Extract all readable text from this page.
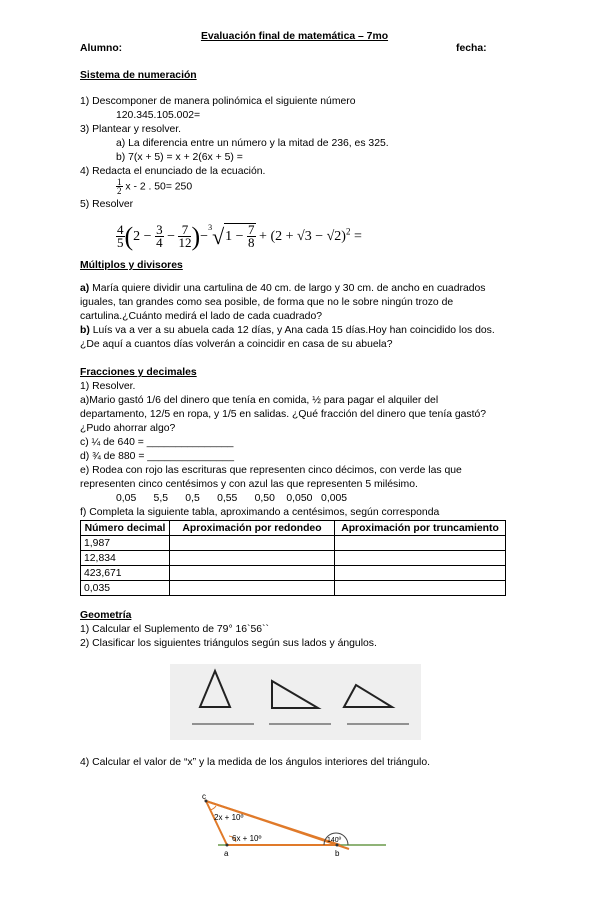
Evaluación final de matemática – 7mo
Alumno:	fecha:
Sistema de numeración
1) Descomponer de manera polinómica el siguiente número
120.345.105.002=
3) Plantear y resolver.
a) La diferencia entre un número y la mitad de 236, es 325.
b) 7(x + 5) = x + 2(6x + 5) =
4) Redacta el enunciado de la ecuación.
$\frac{1}{2}$ x - 2 . 50= 250
5) Resolver
$\frac{4}{5} (2 - \frac{3}{4} - \frac{7}{12} )-^3√1 - \frac{7}{8} + (2 + √3 - √2)^2$ =
Múltiplos y divisores
a) María quiere dividir una cartulina de 40 cm. de largo y 30 cm. de ancho en cuadrados
iguales, tan grandes como sea posible, de forma que no le sobre ningún trozo de
cartulina.¿Cuánto medirá el lado de cada cuadrado?
b) Luís va a ver a su abuela cada 12 días, y Ana cada 15 días.Hoy han coincidido los dos.
¿De aquí a cuantos días volverán a coincidir en casa de su abuela?
Fracciones y decimales
1) Resolver.
a)Mario gastó 1/6 del dinero que tenía en comida, ½ para pagar el alquiler del
departamento, 12/5 en ropa, y 1/5 en salidas. ¿Qué fracción del dinero que tenía gastó?
¿Pudo ahorrar algo?
c) ¼ de 640 = _______________
d) ¾ de 880 = _______________
e) Rodea con rojo las escrituras que representen cinco décimos, con verde las que
representen cinco centésimos y con azul las que representen 5 milésimo.
0,05      5,5      0,5      0,55      0,50    0,050   0,005
f) Completa la siguiente tabla, aproximando a centésimos, según corresponda
Número decimal	Aproximación por redondeo	Aproximación por truncamiento
1,987		
12,834		
423,671		
0,035		
Geometría
1) Calcular el Suplemento de 79° 16`56``
2) Clasificar los siguientes triángulos según sus lados y ángulos.
4) Calcular el valor de “x” y la medida de los ángulos interiores del triángulo.
c
2x + 10º
6x + 10º	140º
a	b
